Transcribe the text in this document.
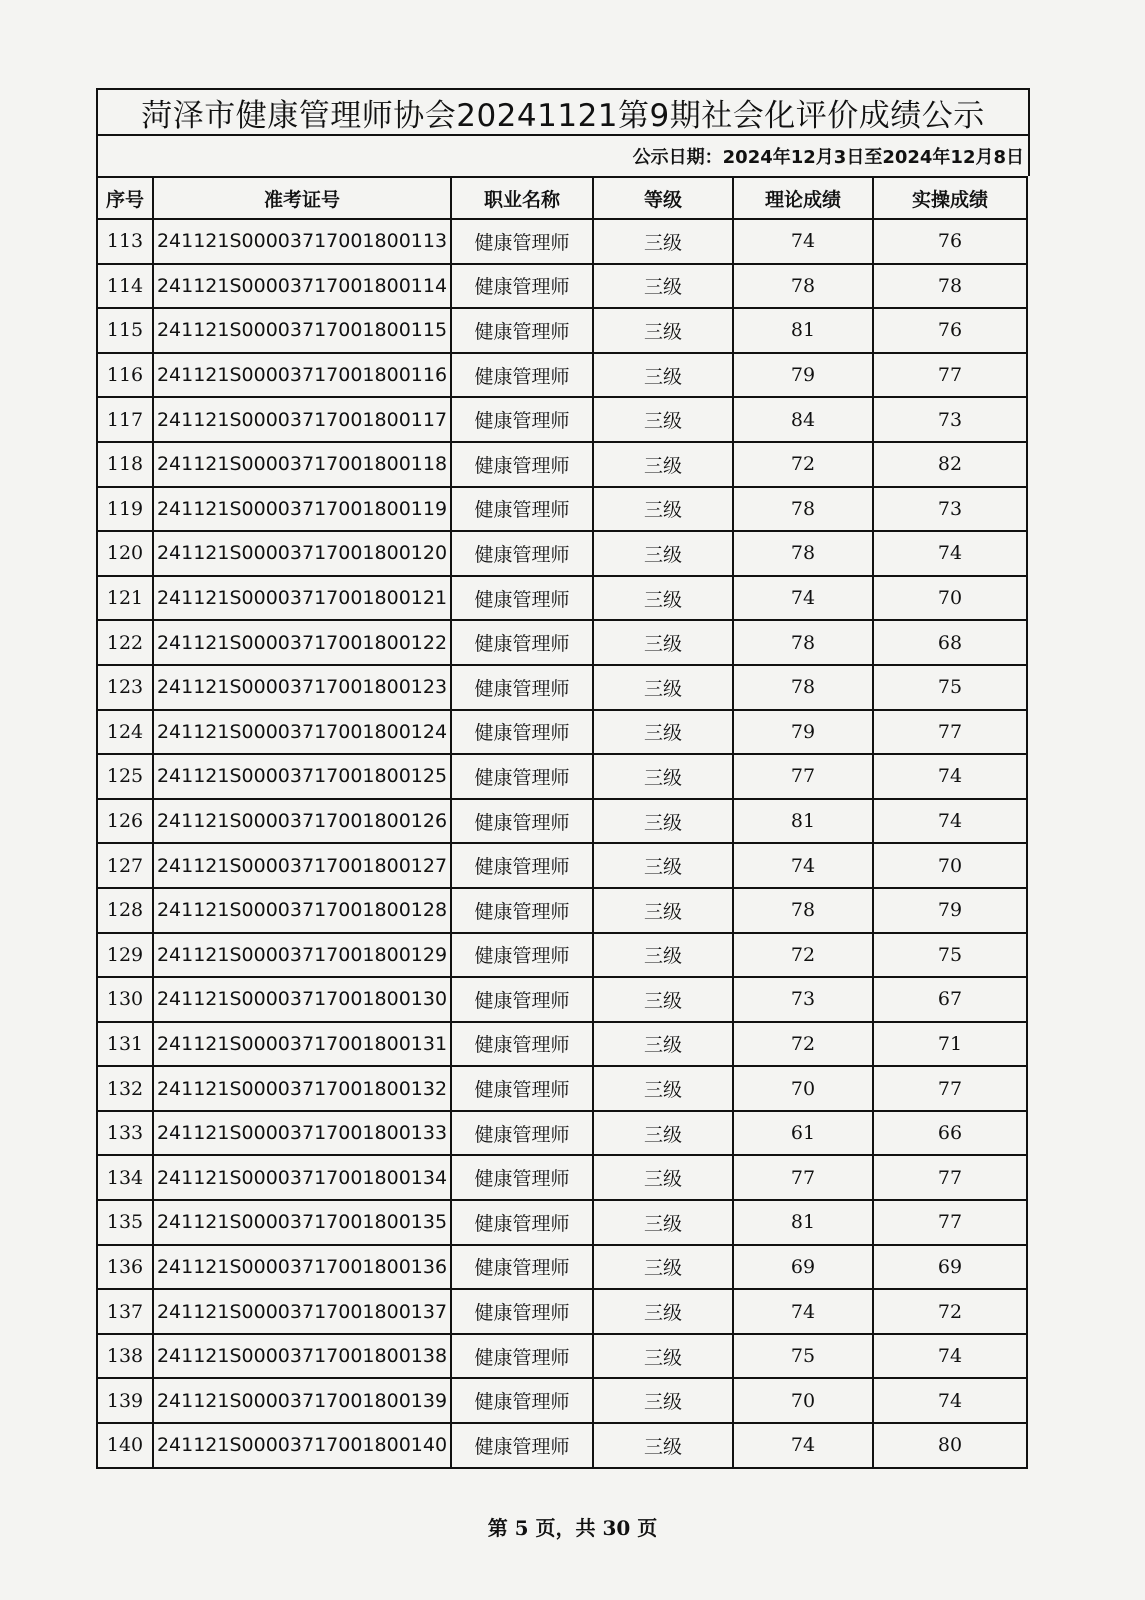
菏泽市健康管理师协会20241121第9期社会化评价成绩公示
公示日期：2024年12月3日至2024年12月8日
序号	准考证号	职业名称	等级	理论成绩	实操成绩
113	241121S00003717001800113	健康管理师	三级	74	76
114	241121S00003717001800114	健康管理师	三级	78	78
115	241121S00003717001800115	健康管理师	三级	81	76
116	241121S00003717001800116	健康管理师	三级	79	77
117	241121S00003717001800117	健康管理师	三级	84	73
118	241121S00003717001800118	健康管理师	三级	72	82
119	241121S00003717001800119	健康管理师	三级	78	73
120	241121S00003717001800120	健康管理师	三级	78	74
121	241121S00003717001800121	健康管理师	三级	74	70
122	241121S00003717001800122	健康管理师	三级	78	68
123	241121S00003717001800123	健康管理师	三级	78	75
124	241121S00003717001800124	健康管理师	三级	79	77
125	241121S00003717001800125	健康管理师	三级	77	74
126	241121S00003717001800126	健康管理师	三级	81	74
127	241121S00003717001800127	健康管理师	三级	74	70
128	241121S00003717001800128	健康管理师	三级	78	79
129	241121S00003717001800129	健康管理师	三级	72	75
130	241121S00003717001800130	健康管理师	三级	73	67
131	241121S00003717001800131	健康管理师	三级	72	71
132	241121S00003717001800132	健康管理师	三级	70	77
133	241121S00003717001800133	健康管理师	三级	61	66
134	241121S00003717001800134	健康管理师	三级	77	77
135	241121S00003717001800135	健康管理师	三级	81	77
136	241121S00003717001800136	健康管理师	三级	69	69
137	241121S00003717001800137	健康管理师	三级	74	72
138	241121S00003717001800138	健康管理师	三级	75	74
139	241121S00003717001800139	健康管理师	三级	70	74
140	241121S00003717001800140	健康管理师	三级	74	80
第 5 页，共 30 页
